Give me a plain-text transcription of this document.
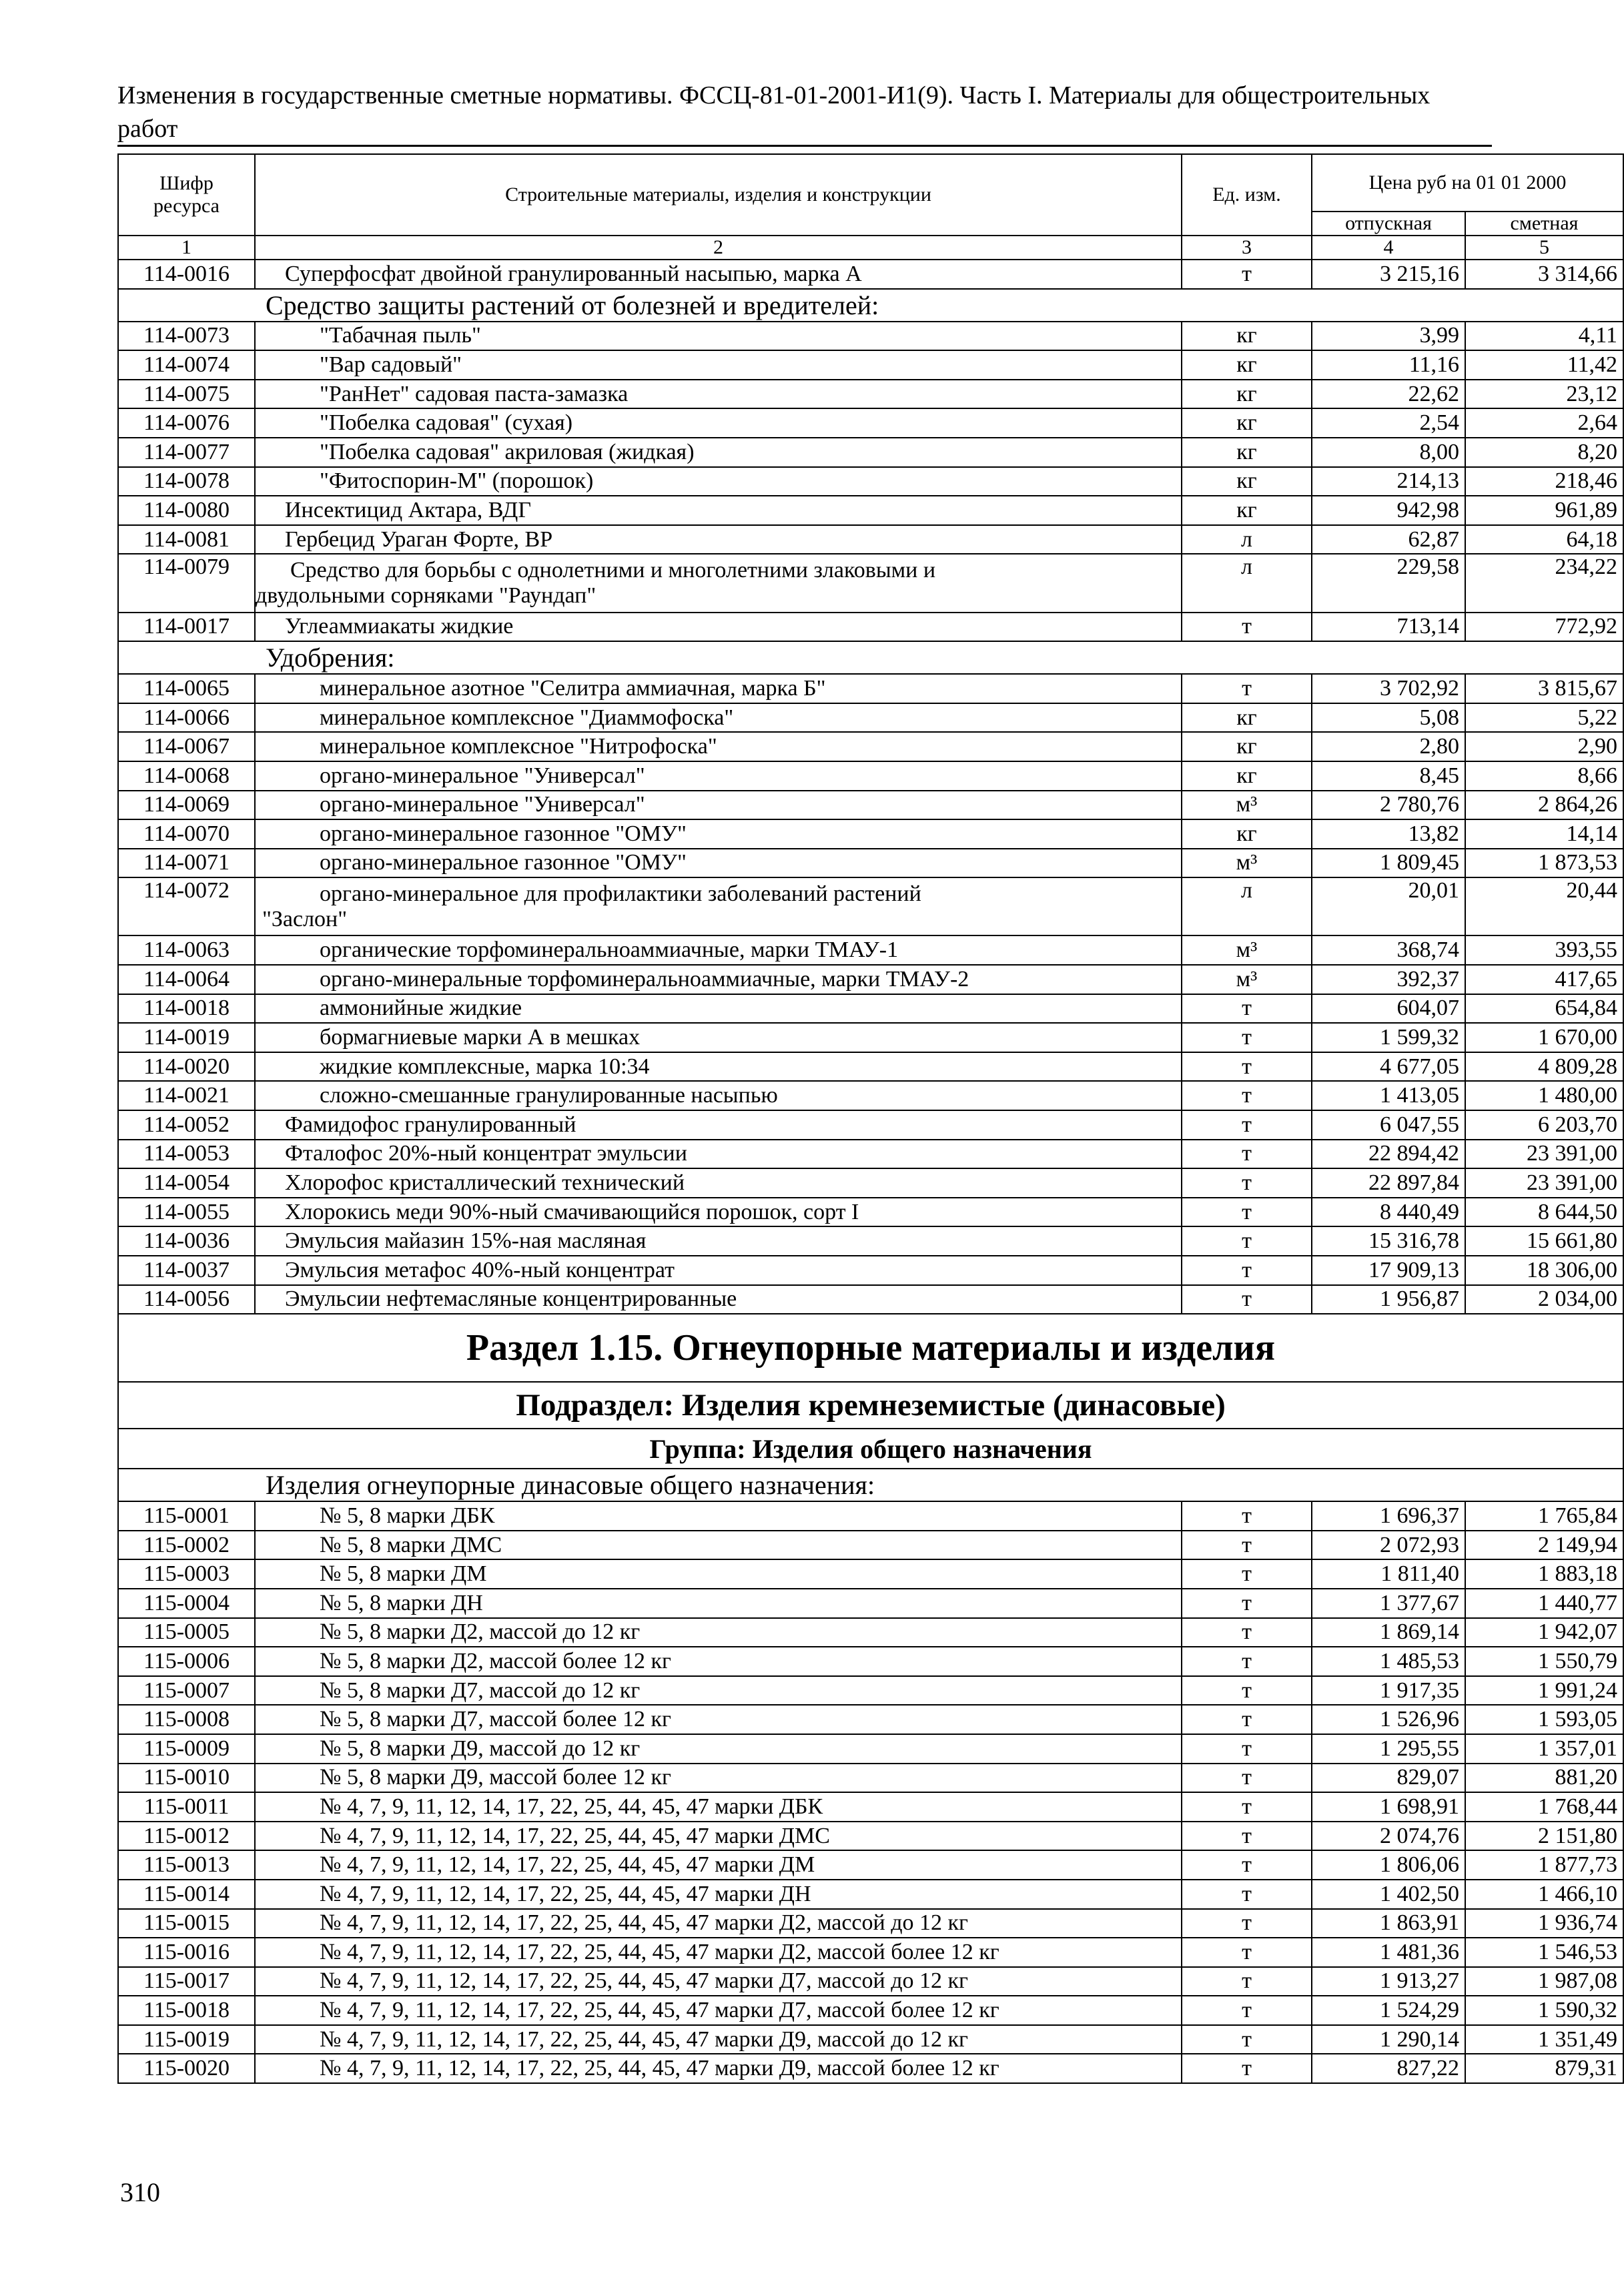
Изменения в государственные сметные нормативы. ФССЦ-81-01-2001-И1(9). Часть I. Материалы для общестроительных работ
Шифр ресурса	Строительные материалы, изделия и конструкции	Ед. изм.	Цена руб на 01 01 2000	
			отпускная	сметная
1	2	3	4	5
114-0016	Суперфосфат двойной гранулированный насыпью, марка А	т	3 215,16	3 314,66
Средство защиты растений от болезней и вредителей:				
114-0073	"Табачная пыль"	кг	3,99	4,11
114-0074	"Вар садовый"	кг	11,16	11,42
114-0075	"РанНет" садовая паста-замазка	кг	22,62	23,12
114-0076	"Побелка садовая" (сухая)	кг	2,54	2,64
114-0077	"Побелка садовая" акриловая (жидкая)	кг	8,00	8,20
114-0078	"Фитоспорин-М" (порошок)	кг	214,13	218,46
114-0080	Инсектицид Актара, ВДГ	кг	942,98	961,89
114-0081	Гербецид Ураган Форте, ВР	л	62,87	64,18
114-0079	Средство для борьбы с однолетними и многолетними злаковыми и
двудольными сорняками "Раундап"	л	229,58	234,22
114-0017	Углеаммиакаты жидкие	т	713,14	772,92
Удобрения:				
114-0065	минеральное азотное "Селитра аммиачная, марка Б"	т	3 702,92	3 815,67
114-0066	минеральное комплексное "Диаммофоска"	кг	5,08	5,22
114-0067	минеральное комплексное "Нитрофоска"	кг	2,80	2,90
114-0068	органо-минеральное "Универсал"	кг	8,45	8,66
114-0069	органо-минеральное "Универсал"	м³	2 780,76	2 864,26
114-0070	органо-минеральное газонное "ОМУ"	кг	13,82	14,14
114-0071	органо-минеральное газонное "ОМУ"	м³	1 809,45	1 873,53
114-0072	органо-минеральное для профилактики заболеваний растений
"Заслон"	л	20,01	20,44
114-0063	органические торфоминеральноаммиачные, марки ТМАУ-1	м³	368,74	393,55
114-0064	органо-минеральные торфоминеральноаммиачные, марки ТМАУ-2	м³	392,37	417,65
114-0018	аммонийные жидкие	т	604,07	654,84
114-0019	бормагниевые марки А в мешках	т	1 599,32	1 670,00
114-0020	жидкие комплексные, марка 10:34	т	4 677,05	4 809,28
114-0021	сложно-смешанные гранулированные насыпью	т	1 413,05	1 480,00
114-0052	Фамидофос гранулированный	т	6 047,55	6 203,70
114-0053	Фталофос 20%-ный концентрат эмульсии	т	22 894,42	23 391,00
114-0054	Хлорофос кристаллический технический	т	22 897,84	23 391,00
114-0055	Хлорокись меди 90%-ный смачивающийся порошок, сорт I	т	8 440,49	8 644,50
114-0036	Эмульсия майазин 15%-ная масляная	т	15 316,78	15 661,80
114-0037	Эмульсия метафос 40%-ный концентрат	т	17 909,13	18 306,00
114-0056	Эмульсии нефтемасляные концентрированные	т	1 956,87	2 034,00
Раздел 1.15. Огнеупорные материалы и изделия				
Подраздел: Изделия кремнеземистые (динасовые)				
Группа: Изделия общего назначения				
Изделия огнеупорные динасовые общего назначения:				
115-0001	№ 5, 8 марки ДБК	т	1 696,37	1 765,84
115-0002	№ 5, 8 марки ДМС	т	2 072,93	2 149,94
115-0003	№ 5, 8 марки ДМ	т	1 811,40	1 883,18
115-0004	№ 5, 8 марки ДН	т	1 377,67	1 440,77
115-0005	№ 5, 8 марки Д2, массой до 12 кг	т	1 869,14	1 942,07
115-0006	№ 5, 8 марки Д2, массой более 12 кг	т	1 485,53	1 550,79
115-0007	№ 5, 8 марки Д7, массой до 12 кг	т	1 917,35	1 991,24
115-0008	№ 5, 8 марки Д7, массой более 12 кг	т	1 526,96	1 593,05
115-0009	№ 5, 8 марки Д9, массой до 12 кг	т	1 295,55	1 357,01
115-0010	№ 5, 8 марки Д9, массой более 12 кг	т	829,07	881,20
115-0011	№ 4, 7, 9, 11, 12, 14, 17, 22, 25, 44, 45, 47 марки ДБК	т	1 698,91	1 768,44
115-0012	№ 4, 7, 9, 11, 12, 14, 17, 22, 25, 44, 45, 47 марки ДМС	т	2 074,76	2 151,80
115-0013	№ 4, 7, 9, 11, 12, 14, 17, 22, 25, 44, 45, 47 марки ДМ	т	1 806,06	1 877,73
115-0014	№ 4, 7, 9, 11, 12, 14, 17, 22, 25, 44, 45, 47 марки ДН	т	1 402,50	1 466,10
115-0015	№ 4, 7, 9, 11, 12, 14, 17, 22, 25, 44, 45, 47 марки Д2, массой до 12 кг	т	1 863,91	1 936,74
115-0016	№ 4, 7, 9, 11, 12, 14, 17, 22, 25, 44, 45, 47 марки Д2, массой более 12 кг	т	1 481,36	1 546,53
115-0017	№ 4, 7, 9, 11, 12, 14, 17, 22, 25, 44, 45, 47 марки Д7, массой до 12 кг	т	1 913,27	1 987,08
115-0018	№ 4, 7, 9, 11, 12, 14, 17, 22, 25, 44, 45, 47 марки Д7, массой более 12 кг	т	1 524,29	1 590,32
115-0019	№ 4, 7, 9, 11, 12, 14, 17, 22, 25, 44, 45, 47 марки Д9, массой до 12 кг	т	1 290,14	1 351,49
115-0020	№ 4, 7, 9, 11, 12, 14, 17, 22, 25, 44, 45, 47 марки Д9, массой более 12 кг	т	827,22	879,31
310
